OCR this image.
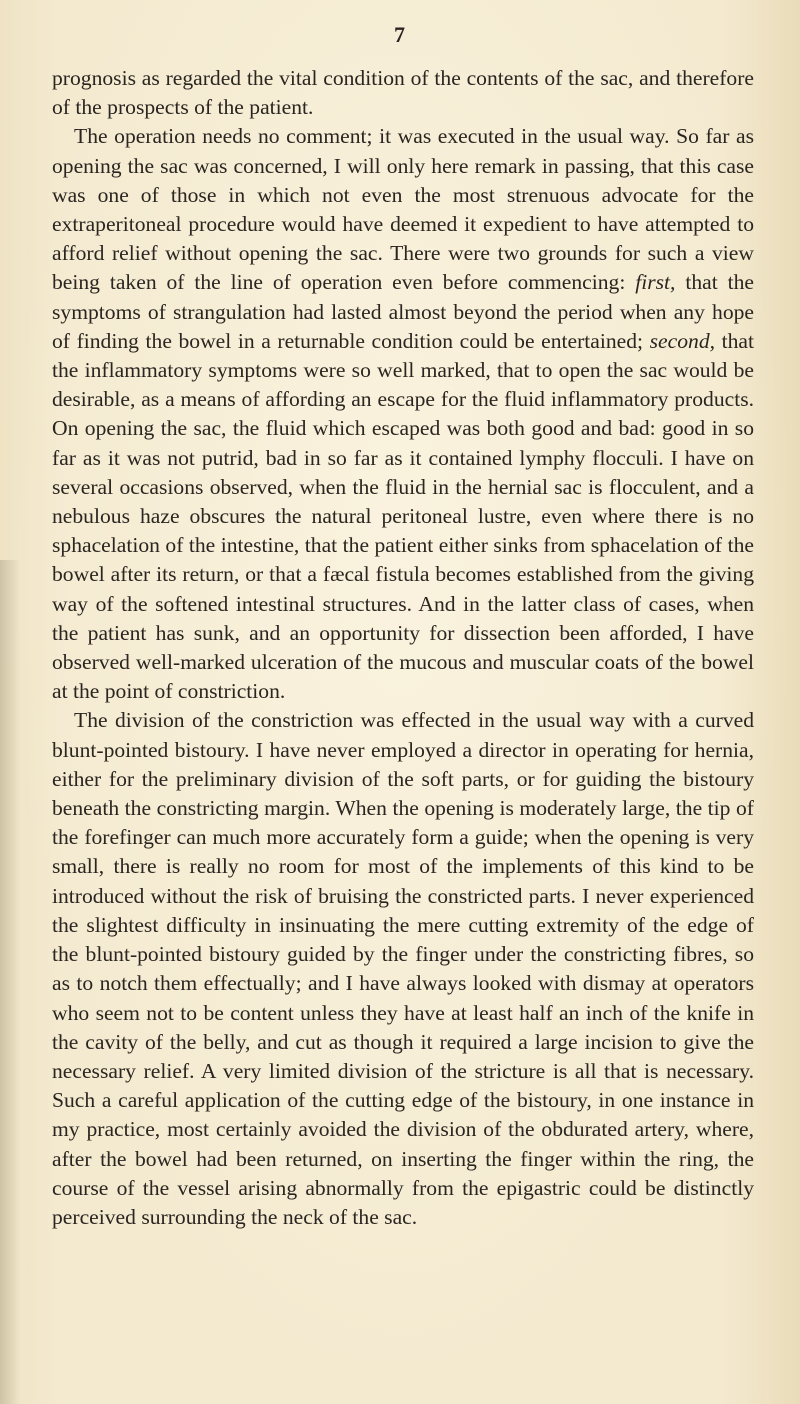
7

prognosis as regarded the vital condition of the contents of the sac, and therefore of the prospects of the patient.

The operation needs no comment; it was executed in the usual way. So far as opening the sac was concerned, I will only here remark in passing, that this case was one of those in which not even the most strenuous advocate for the extraperitoneal procedure would have deemed it expedient to have attempted to afford relief without opening the sac. There were two grounds for such a view being taken of the line of operation even before commencing: first, that the symptoms of strangulation had lasted almost beyond the period when any hope of finding the bowel in a returnable condition could be entertained; second, that the inflammatory symptoms were so well marked, that to open the sac would be desirable, as a means of affording an escape for the fluid inflammatory products. On opening the sac, the fluid which escaped was both good and bad: good in so far as it was not putrid, bad in so far as it contained lymphy flocculi. I have on several occasions observed, when the fluid in the hernial sac is flocculent, and a nebulous haze obscures the natural peritoneal lustre, even where there is no sphacelation of the intestine, that the patient either sinks from sphacelation of the bowel after its return, or that a fæcal fistula becomes established from the giving way of the softened intestinal structures. And in the latter class of cases, when the patient has sunk, and an opportunity for dissection been afforded, I have observed well-marked ulceration of the mucous and muscular coats of the bowel at the point of constriction.

The division of the constriction was effected in the usual way with a curved blunt-pointed bistoury. I have never employed a director in operating for hernia, either for the preliminary division of the soft parts, or for guiding the bistoury beneath the constricting margin. When the opening is moderately large, the tip of the forefinger can much more accurately form a guide; when the opening is very small, there is really no room for most of the implements of this kind to be introduced without the risk of bruising the constricted parts. I never experienced the slightest difficulty in insinuating the mere cutting extremity of the edge of the blunt-pointed bistoury guided by the finger under the constricting fibres, so as to notch them effectually; and I have always looked with dismay at operators who seem not to be content unless they have at least half an inch of the knife in the cavity of the belly, and cut as though it required a large incision to give the necessary relief. A very limited division of the stricture is all that is necessary. Such a careful application of the cutting edge of the bistoury, in one instance in my practice, most certainly avoided the division of the obdurated artery, where, after the bowel had been returned, on inserting the finger within the ring, the course of the vessel arising abnormally from the epigastric could be distinctly perceived surrounding the neck of the sac.
